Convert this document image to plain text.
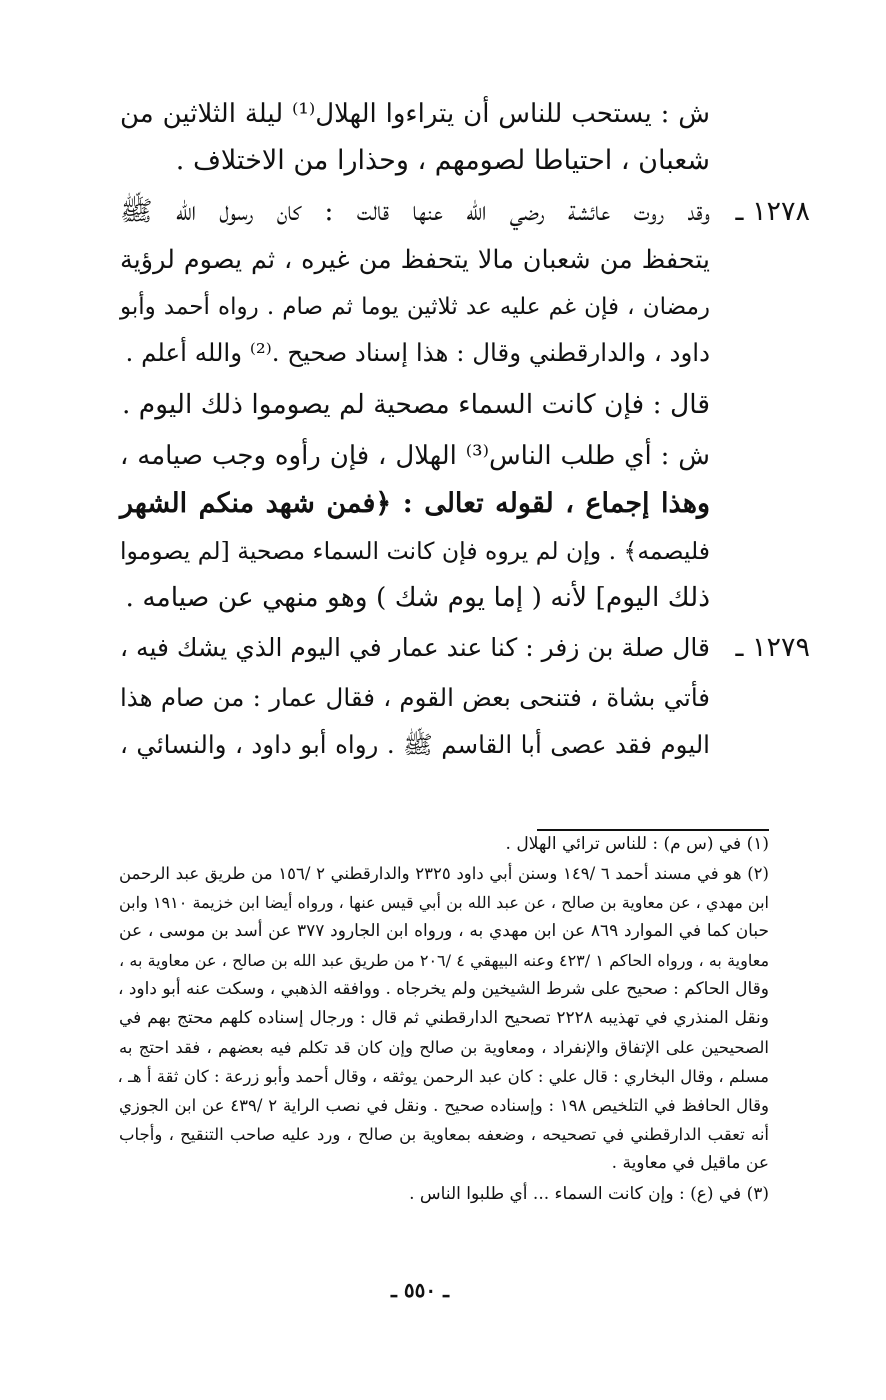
ش : يستحب للناس أن يتراءوا الهلال⁽¹⁾ ليلة الثلاثين من
شعبان ، احتياطا لصومهم ، وحذارا من الاختلاف .
١٢٧٨ ـ
وقد روت عائشة رضي الله عنها قالت : كان رسول الله ﷺ
يتحفظ من شعبان مالا يتحفظ من غيره ، ثم يصوم لرؤية
رمضان ، فإن غم عليه عد ثلاثين يوما ثم صام . رواه أحمد وأبو
داود ، والدارقطني وقال : هذا إسناد صحيح .⁽²⁾ والله أعلم .
قال : فإن كانت السماء مصحية لم يصوموا ذلك اليوم .
ش : أي طلب الناس⁽³⁾ الهلال ، فإن رأوه وجب صيامه ،
وهذا إجماع ، لقوله تعالى : ﴿فمن شهد منكم الشهر
فليصمه﴾ . وإن لم يروه فإن كانت السماء مصحية [لم يصوموا
ذلك اليوم] لأنه ( إما يوم شك ) وهو منهي عن صيامه .
١٢٧٩ ـ
قال صلة بن زفر : كنا عند عمار في اليوم الذي يشك فيه ،
فأتي بشاة ، فتنحى بعض القوم ، فقال عمار : من صام هذا
اليوم فقد عصى أبا القاسم ﷺ . رواه أبو داود ، والنسائي ،
(١) في (س م) : للناس ترائي الهلال .
(٢) هو في مسند أحمد ٦ /١٤٩ وسنن أبي داود ٢٣٢٥ والدارقطني ٢ /١٥٦ من طريق عبد الرحمن
ابن مهدي ، عن معاوية بن صالح ، عن عبد الله بن أبي قيس عنها ، ورواه أيضا ابن خزيمة ١٩١٠ وابن
حبان كما في الموارد ٨٦٩ عن ابن مهدي به ، ورواه ابن الجارود ٣٧٧ عن أسد بن موسى ، عن
معاوية به ، ورواه الحاكم ١ /٤٢٣ وعنه البيهقي ٤ /٢٠٦ من طريق عبد الله بن صالح ، عن معاوية به ،
وقال الحاكم : صحيح على شرط الشيخين ولم يخرجاه . ووافقه الذهبي ، وسكت عنه أبو داود ،
ونقل المنذري في تهذيبه ٢٢٢٨ تصحيح الدارقطني ثم قال : ورجال إسناده كلهم محتج بهم في
الصحيحين على الإتفاق والإنفراد ، ومعاوية بن صالح وإن كان قد تكلم فيه بعضهم ، فقد احتج به
مسلم ، وقال البخاري : قال علي : كان عبد الرحمن يوثقه ، وقال أحمد وأبو زرعة : كان ثقة أ هـ ،
وقال الحافظ في التلخيص ١٩٨ : وإسناده صحيح . ونقل في نصب الراية ٢ /٤٣٩ عن ابن الجوزي
أنه تعقب الدارقطني في تصحيحه ، وضعفه بمعاوية بن صالح ، ورد عليه صاحب التنقيح ، وأجاب
عن ماقيل في معاوية .
(٣) في (ع) : وإن كانت السماء ... أي طلبوا الناس .
ـ ٥٥٠ ـ
